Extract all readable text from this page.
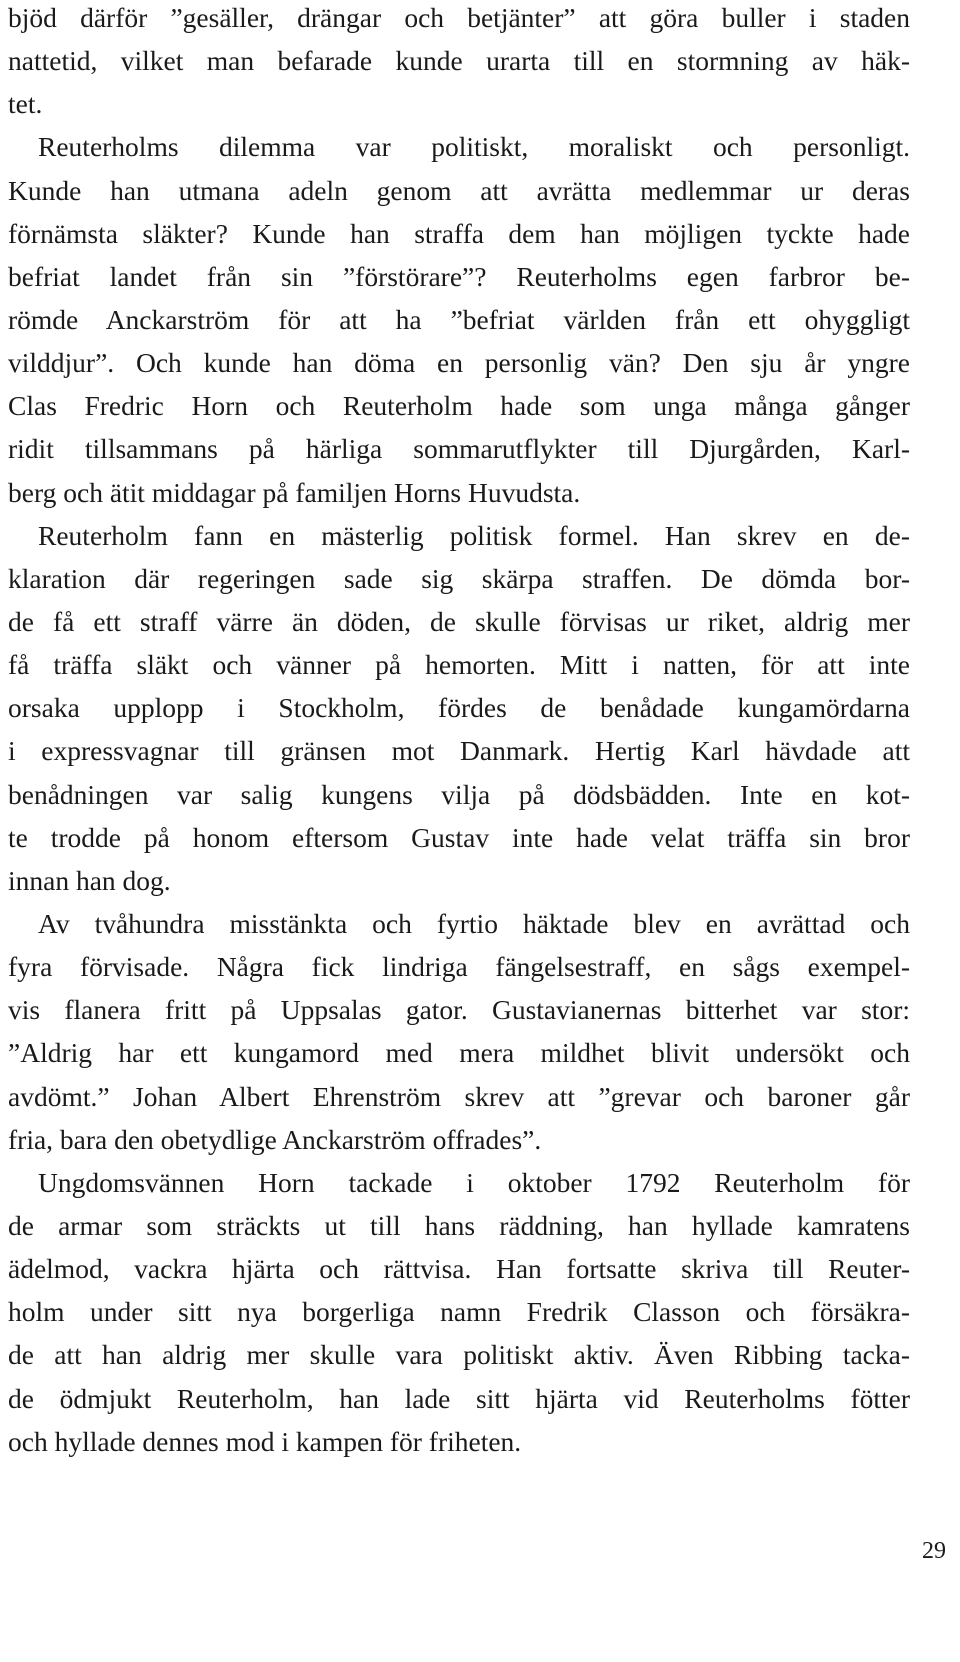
bjöd därför ”gesäller, drängar och betjänter” att göra buller i staden
nattetid, vilket man befarade kunde urarta till en stormning av häk-
tet.
Reuterholms dilemma var politiskt, moraliskt och personligt.
Kunde han utmana adeln genom att avrätta medlemmar ur deras
förnämsta släkter? Kunde han straffa dem han möjligen tyckte hade
befriat landet från sin ”förstörare”? Reuterholms egen farbror be-
römde Anckarström för att ha ”befriat världen från ett ohyggligt
vilddjur”. Och kunde han döma en personlig vän? Den sju år yngre
Clas Fredric Horn och Reuterholm hade som unga många gånger
ridit tillsammans på härliga sommarutflykter till Djurgården, Karl-
berg och ätit middagar på familjen Horns Huvudsta.
Reuterholm fann en mästerlig politisk formel. Han skrev en de-
klaration där regeringen sade sig skärpa straffen. De dömda bor-
de få ett straff värre än döden, de skulle förvisas ur riket, aldrig mer
få träffa släkt och vänner på hemorten. Mitt i natten, för att inte
orsaka upplopp i Stockholm, fördes de benådade kungamördarna
i expressvagnar till gränsen mot Danmark. Hertig Karl hävdade att
benådningen var salig kungens vilja på dödsbädden. Inte en kot-
te trodde på honom eftersom Gustav inte hade velat träffa sin bror
innan han dog.
Av tvåhundra misstänkta och fyrtio häktade blev en avrättad och
fyra förvisade. Några fick lindriga fängelsestraff, en sågs exempel-
vis flanera fritt på Uppsalas gator. Gustavianernas bitterhet var stor:
”Aldrig har ett kungamord med mera mildhet blivit undersökt och
avdömt.” Johan Albert Ehrenström skrev att ”grevar och baroner går
fria, bara den obetydlige Anckarström offrades”.
Ungdomsvännen Horn tackade i oktober 1792 Reuterholm för
de armar som sträckts ut till hans räddning, han hyllade kamratens
ädelmod, vackra hjärta och rättvisa. Han fortsatte skriva till Reuter-
holm under sitt nya borgerliga namn Fredrik Classon och försäkra-
de att han aldrig mer skulle vara politiskt aktiv. Även Ribbing tacka-
de ödmjukt Reuterholm, han lade sitt hjärta vid Reuterholms fötter
och hyllade dennes mod i kampen för friheten.
29
